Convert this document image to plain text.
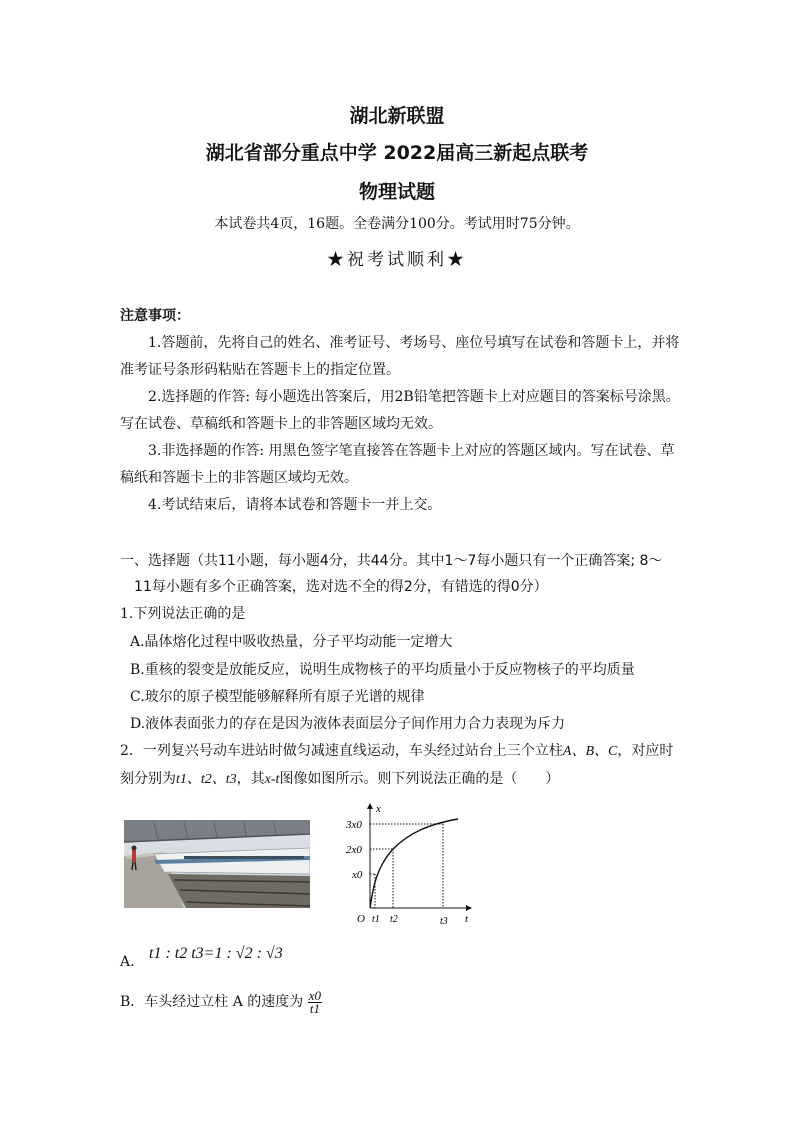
湖北新联盟
湖北省部分重点中学 2022届高三新起点联考
物理试题
本试卷共4页，16题。全卷满分100分。考试用时75分钟。
★祝考试顺利★
注意事项：
1.答题前，先将自己的姓名、准考证号、考场号、座位号填写在试卷和答题卡上，并将
准考证号条形码粘贴在答题卡上的指定位置。
2.选择题的作答: 每小题选出答案后，用2B铅笔把答题卡上对应题目的答案标号涂黑。
写在试卷、草稿纸和答题卡上的非答题区域均无效。
3.非选择题的作答: 用黑色签字笔直接答在答题卡上对应的答题区域内。写在试卷、草
稿纸和答题卡上的非答题区域均无效。
4.考试结束后，请将本试卷和答题卡一并上交。
一、选择题（共11小题，每小题4分，共44分。其中1～7每小题只有一个正确答案; 8～
11每小题有多个正确答案，选对选不全的得2分，有错选的得0分）
1.下列说法正确的是
A.晶体熔化过程中吸收热量，分子平均动能一定增大
B.重核的裂变是放能反应，说明生成物核子的平均质量小于反应物核子的平均质量
C.玻尔的原子模型能够解释所有原子光谱的规律
D.液体表面张力的存在是因为液体表面层分子间作用力合力表现为斥力
2．一列复兴号动车进站时做匀减速直线运动，车头经过站台上三个立柱A、B、C，对应时
刻分别为t1、t2、t3，其x-t图像如图所示。则下列说法正确的是（　　）
x
t
O
3x0
2x0
x0
t1 t2	t3
A. t1 : t2 t3=1 : √2 : √3
B．车头经过立柱 A 的速度为 $\frac{x0}{t1}$
